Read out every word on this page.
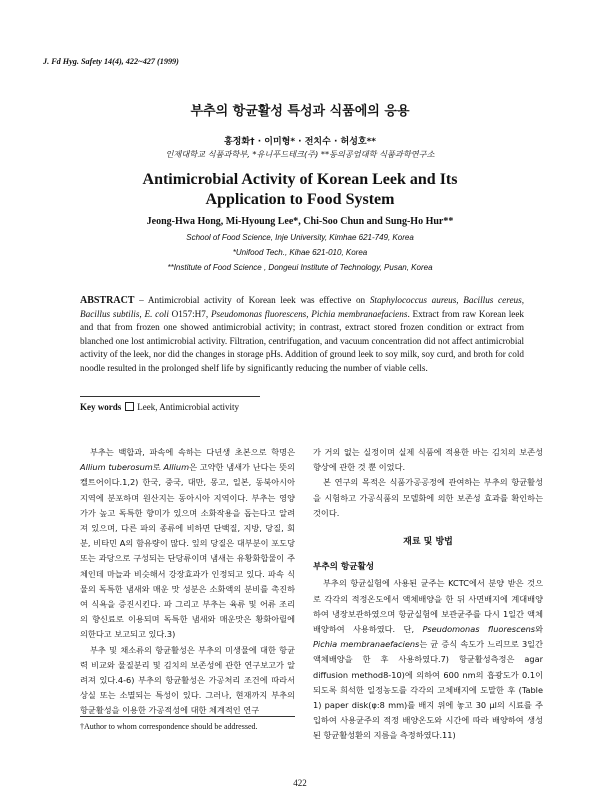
J. Fd Hyg. Safety 14(4), 422~427 (1999)
부추의 항균활성 특성과 식품에의 응용
홍정화† · 이미형* · 전치수 · 허성호**
인제대학교 식품과학부, *유니푸드테크(주) **동의공업대학 식품과학연구소
Antimicrobial Activity of Korean Leek and Its
Application to Food System
Jeong-Hwa Hong, Mi-Hyoung Lee*, Chi-Soo Chun and Sung-Ho Hur**
School of Food Science, Inje University, Kimhae 621-749, Korea
*Unifood Tech., Kihae 621-010, Korea
**Institute of Food Science , Dongeui Institute of Technology, Pusan, Korea
ABSTRACT – Antimicrobial activity of Korean leek was effective on Staphylococcus aureus, Bacillus cereus, Bacillus subtilis, E. coli O157:H7, Pseudomonas fluorescens, Pichia membranaefaciens. Extract from raw Korean leek and that from frozen one showed antimicrobial activity; in contrast, extract stored frozen condition or extract from blanched one lost antimicrobial activity. Filtration, centrifugation, and vacuum concentration did not affect antimicrobial activity of the leek, nor did the changes in storage pHs. Addition of ground leek to soy milk, soy curd, and broth for cold noodle resulted in the prolonged shelf life by significantly reducing the number of viable cells.
Key words Leek, Antimicrobial activity

부추는 백합과, 파속에 속하는 다년생 초본으로 학명은 Allium tuberosum로 Allium은 고약한 냄새가 난다는 뜻의 켈트어이다.1,2) 한국, 중국, 대만, 몽고, 일본, 동북아시아 지역에 분포하며 원산지는 동아시아 지역이다. 부추는 영양가가 높고 독특한 향미가 있으며 소화작용을 돕는다고 알려져 있으며, 다른 파의 종류에 비하면 단백질, 지방, 당질, 회분, 비타민 A의 함유량이 많다. 잎의 당질은 대부분이 포도당 또는 과당으로 구성되는 단당류이며 냄새는 유황화합물이 주체인데 마늘과 비슷해서 강장효과가 인정되고 있다. 파속 식물의 독특한 냄새와 매운 맛 성분은 소화액의 분비를 촉진하여 식욕을 증진시킨다. 파 그리고 부추는 육류 및 어류 조리의 향신료로 이용되며 독특한 냄새와 매운맛은 황화아릴에 의한다고 보고되고 있다.3)

부추 및 채소류의 항균활성은 부추의 미생물에 대한 항균력 비교와 물질분리 및 김치의 보존성에 관한 연구보고가 알려져 있다.4-6) 부추의 항균활성은 가공처리 조건에 따라서 상실 또는 소멸되는 특성이 있다. 그러나, 현재까지 부추의 항균활성을 이용한 가공적성에 대한 체계적인 연구

가 거의 없는 실정이며 실제 식품에 적용한 바는 김치의 보존성 향상에 관한 것 뿐 이었다.

본 연구의 목적은 식품가공공정에 관여하는 부추의 항균활성을 시험하고 가공식품의 모델화에 의한 보존성 효과를 확인하는 것이다.

재료 및 방법
부추의 항균활성

부추의 항균실험에 사용된 균주는 KCTC에서 분양 받은 것으로 각각의 적정온도에서 액체배양을 한 뒤 사면배지에 계대배양하여 냉장보관하였으며 항균실험에 보관균주를 다시 1일간 액체배양하여 사용하였다. 단, Pseudomonas fluorescens와 Pichia membranaefaciens는 균 증식 속도가 느리므로 3일간 액체배양을 한 후 사용하였다.7) 항균활성측정은 agar diffusion method8-10)에 의하여 600 nm의 흡광도가 0.1이 되도록 희석한 일정농도를 각각의 고체배지에 도말한 후 (Table 1) paper disk(φ:8 mm)를 배지 위에 놓고 30 μl의 시료를 주입하여 사용균주의 적정 배양온도와 시간에 따라 배양하여 생성된 항균활성환의 지름을 측정하였다.11)

†Author to whom correspondence should be addressed.
422
